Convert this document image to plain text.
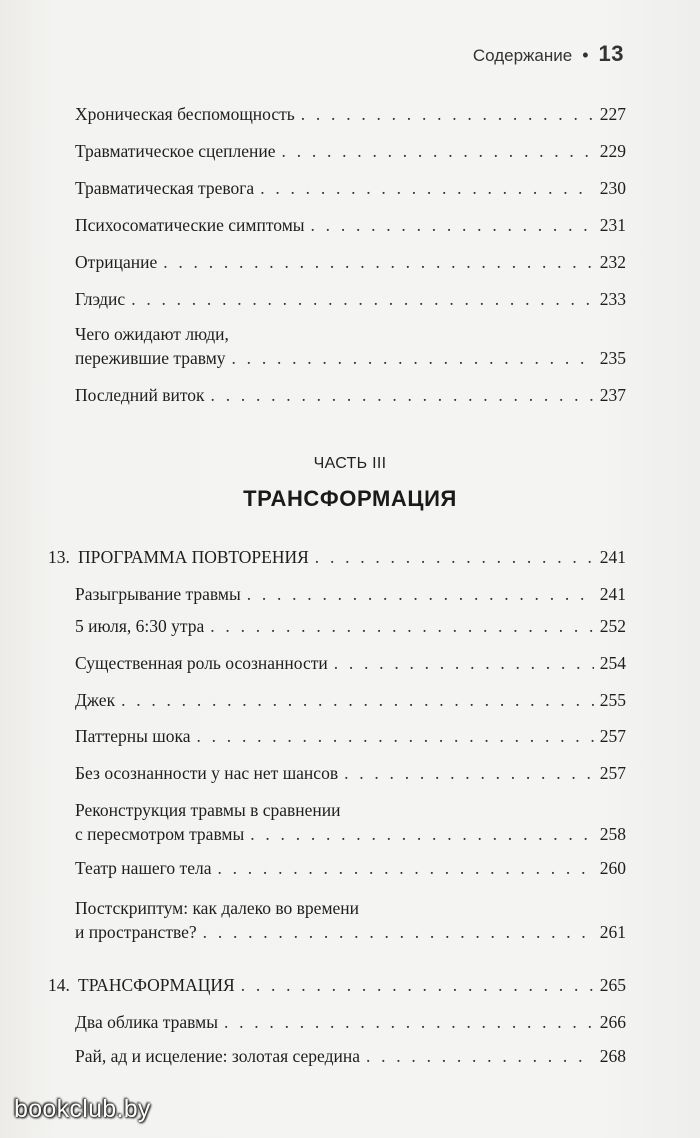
Содержание • 13
Хроническая беспомощность . . .	227
Травматическое сцепление . . .	229
Травматическая тревога . . .	230
Психосоматические симптомы . . .	231
Отрицание . . .	232
Глэдис . . .	233
Чего ожидают люди,
пережившие травму . . .	235
Последний виток . . .	237
ЧАСТЬ III
ТРАНСФОРМАЦИЯ
13. ПРОГРАММА ПОВТОРЕНИЯ . . .	241
Разыгрывание травмы . . .	241
5 июля, 6:30 утра . . .	252
Существенная роль осознанности . . .	254
Джек . . .	255
Паттерны шока . . .	257
Без осознанности у нас нет шансов . . .	257
Реконструкция травмы в сравнении
с пересмотром травмы . . .	258
Театр нашего тела . . .	260
Постскриптум: как далеко во времени
и пространстве? . . .	261
14. ТРАНСФОРМАЦИЯ . . .	265
Два облика травмы . . .	266
Рай, ад и исцеление: золотая середина . . .	268
bookclub.by
